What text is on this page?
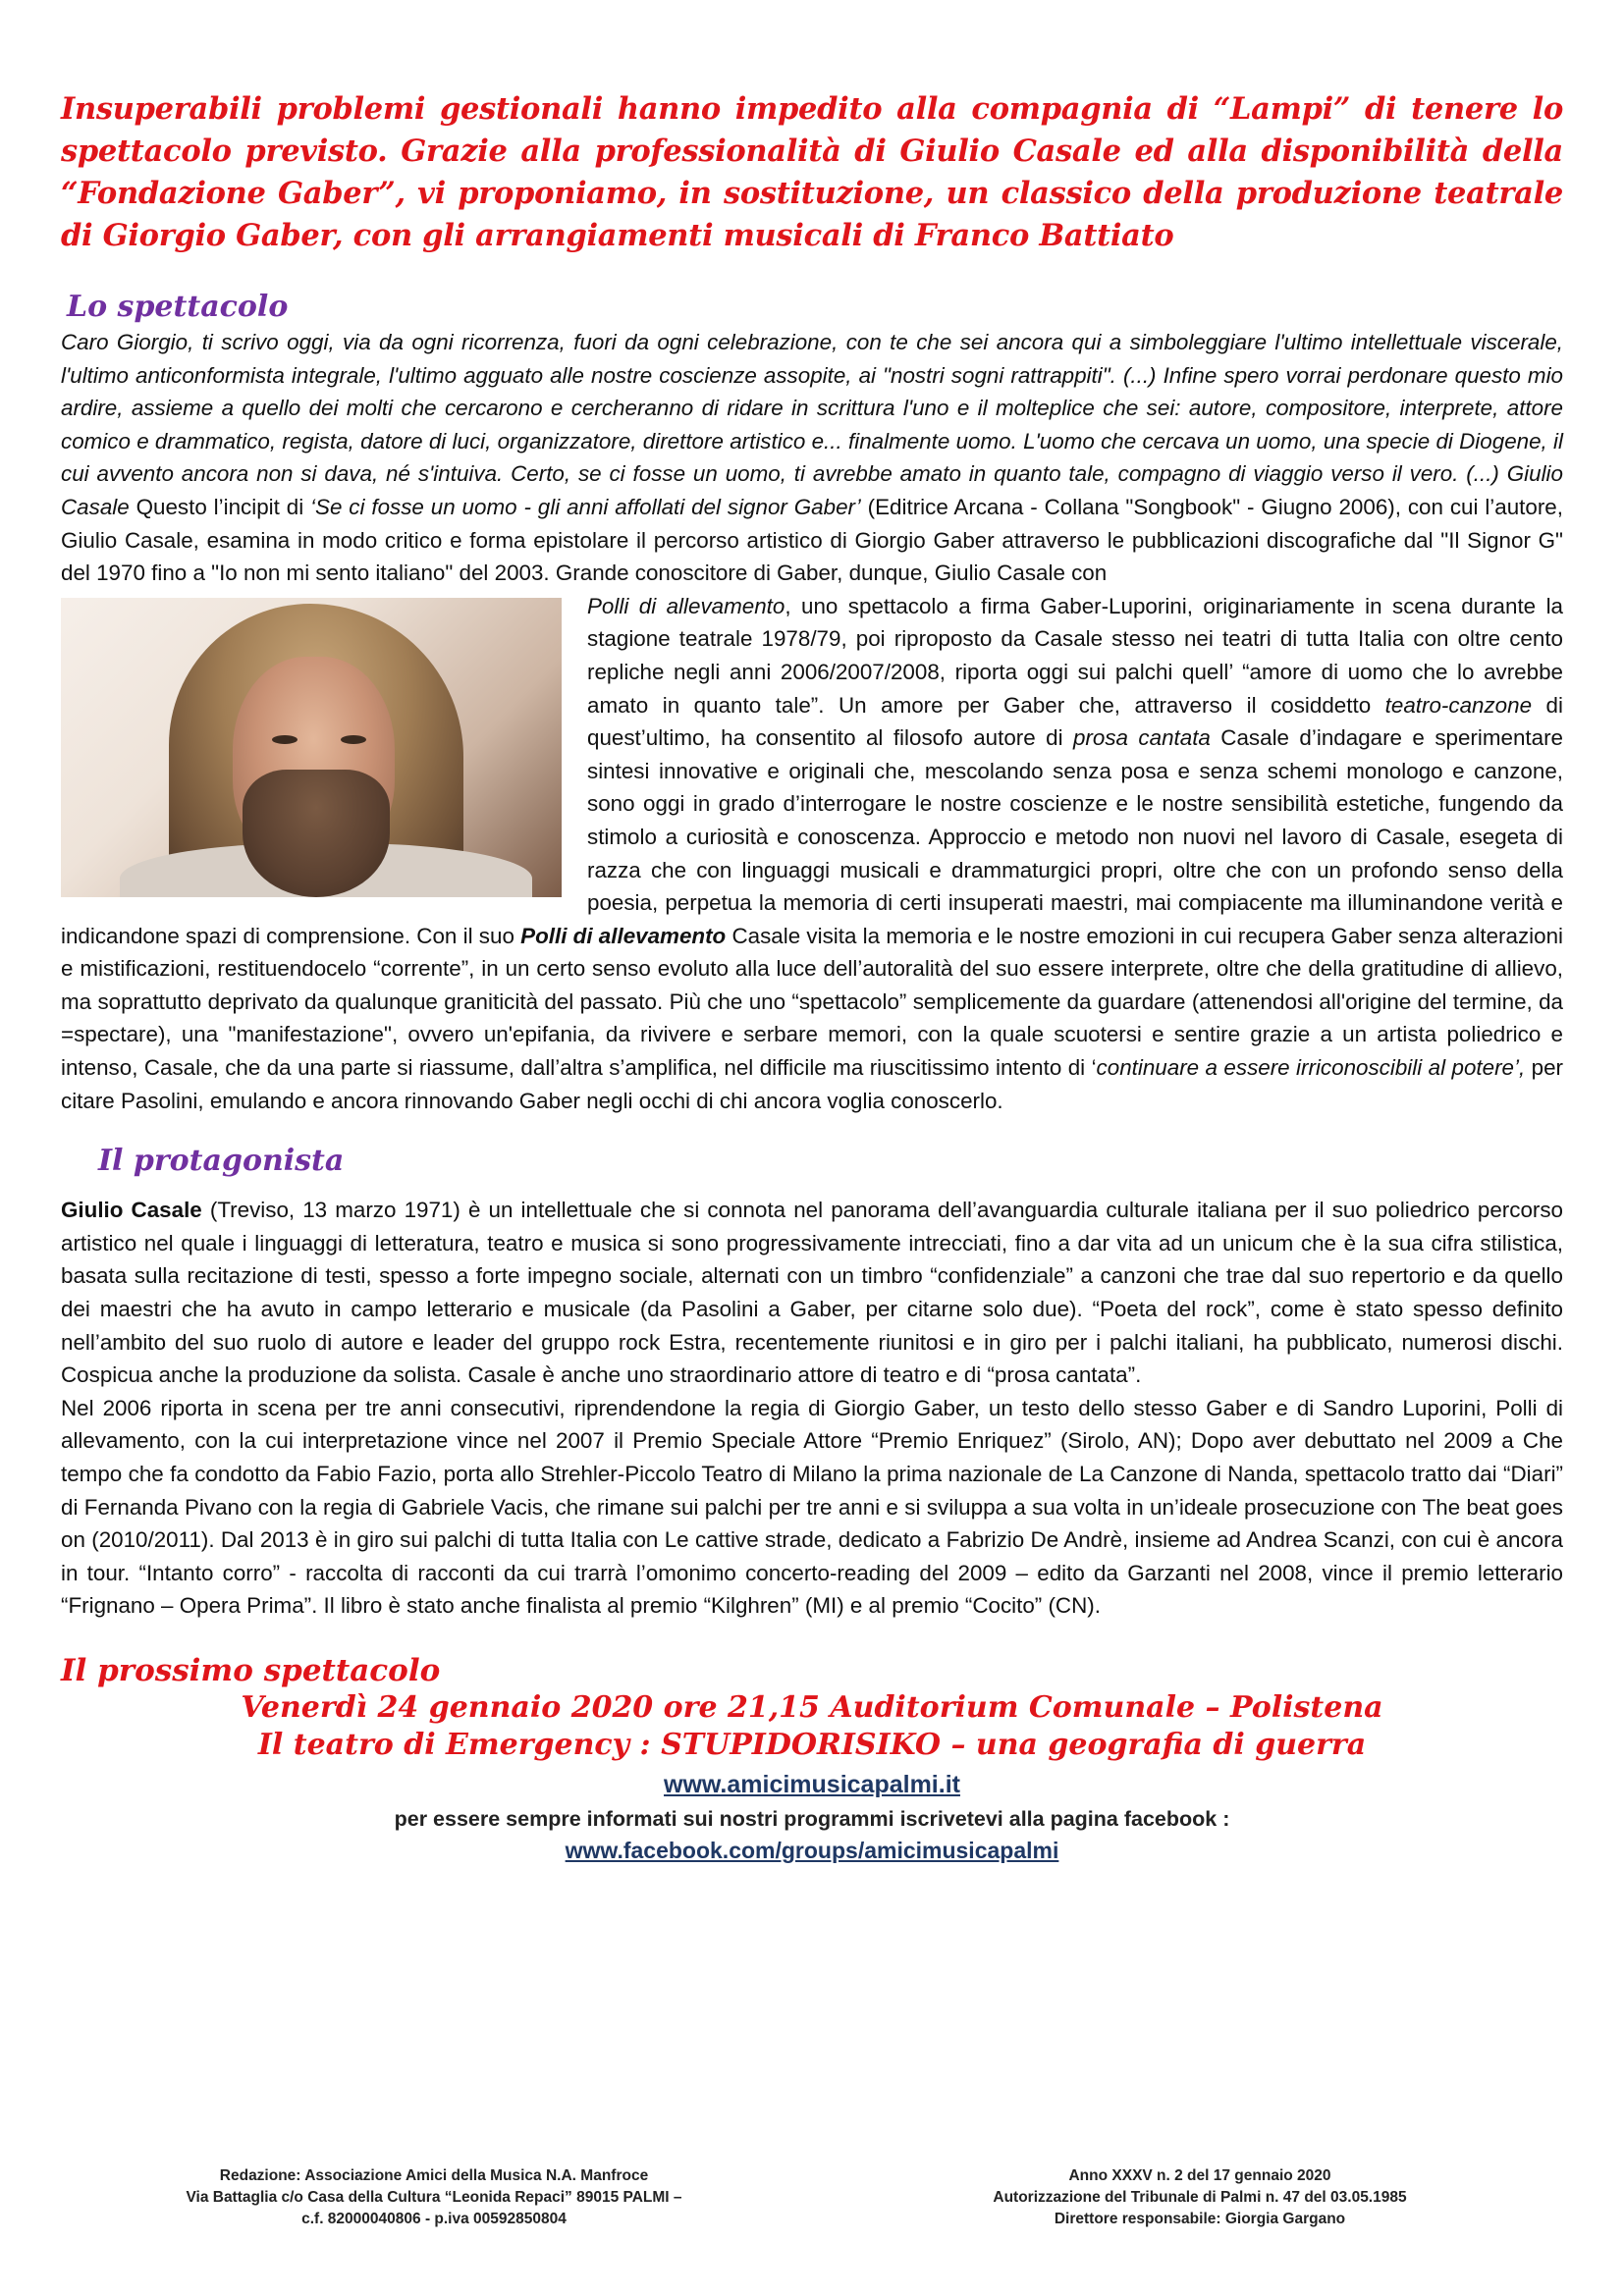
Insuperabili problemi gestionali hanno impedito alla compagnia di “Lampi” di tenere lo spettacolo previsto. Grazie alla professionalità di Giulio Casale ed alla disponibilità della “Fondazione Gaber”, vi proponiamo, in sostituzione, un classico della produzione teatrale di Giorgio Gaber, con gli arrangiamenti musicali di Franco Battiato

Lo spettacolo

Caro Giorgio, ti scrivo oggi, via da ogni ricorrenza, fuori da ogni celebrazione, con te che sei ancora qui a simboleggiare l'ultimo intellettuale viscerale, l'ultimo anticonformista integrale, l'ultimo agguato alle nostre coscienze assopite, ai "nostri sogni rattrappiti". (...) Infine spero vorrai perdonare questo mio ardire, assieme a quello dei molti che cercarono e cercheranno di ridare in scrittura l'uno e il molteplice che sei: autore, compositore, interprete, attore comico e drammatico, regista, datore di luci, organizzatore, direttore artistico e... finalmente uomo. L'uomo che cercava un uomo, una specie di Diogene, il cui avvento ancora non si dava, né s'intuiva. Certo, se ci fosse un uomo, ti avrebbe amato in quanto tale, compagno di viaggio verso il vero. (...) Giulio Casale Questo l’incipit di ‘Se ci fosse un uomo - gli anni affollati del signor Gaber’ (Editrice Arcana - Collana "Songbook" - Giugno 2006), con cui l’autore, Giulio Casale, esamina in modo critico e forma epistolare il percorso artistico di Giorgio Gaber attraverso le pubblicazioni discografiche dal "Il Signor G" del 1970 fino a "Io non mi sento italiano" del 2003. Grande conoscitore di Gaber, dunque, Giulio Casale con

Polli di allevamento, uno spettacolo a firma Gaber-Luporini, originariamente in scena durante la stagione teatrale 1978/79, poi riproposto da Casale stesso nei teatri di tutta Italia con oltre cento repliche negli anni 2006/2007/2008, riporta oggi sui palchi quell’ “amore di uomo che lo avrebbe amato in quanto tale”. Un amore per Gaber che, attraverso il cosiddetto teatro-canzone di quest’ultimo, ha consentito al filosofo autore di prosa cantata Casale d’indagare e sperimentare sintesi innovative e originali che, mescolando senza posa e senza schemi monologo e canzone, sono oggi in grado d’interrogare le nostre coscienze e le nostre sensibilità estetiche, fungendo da stimolo a curiosità e conoscenza. Approccio e metodo non nuovi nel lavoro di Casale, esegeta di razza che con linguaggi musicali e drammaturgici propri, oltre che con un profondo senso della poesia, perpetua la memoria di certi insuperati maestri, mai compiacente ma illuminandone verità e indicandone spazi di comprensione. Con il suo Polli di allevamento Casale visita la memoria e le nostre emozioni in cui recupera Gaber senza alterazioni e mistificazioni, restituendocelo “corrente”, in un certo senso evoluto alla luce dell’autoralità del suo essere interprete, oltre che della gratitudine di allievo, ma soprattutto deprivato da qualunque graniticità del passato. Più che uno “spettacolo” semplicemente da guardare (attenendosi all'origine del termine, da =spectare), una "manifestazione", ovvero un'epifania, da rivivere e serbare memori, con la quale scuotersi e sentire grazie a un artista poliedrico e intenso, Casale, che da una parte si riassume, dall’altra s’amplifica, nel difficile ma riuscitissimo intento di ‘continuare a essere irriconoscibili al potere’, per citare Pasolini, emulando e ancora rinnovando Gaber negli occhi di chi ancora voglia conoscerlo.

Il protagonista

Giulio Casale (Treviso, 13 marzo 1971) è un intellettuale che si connota nel panorama dell’avanguardia culturale italiana per il suo poliedrico percorso artistico nel quale i linguaggi di letteratura, teatro e musica si sono progressivamente intrecciati, fino a dar vita ad un unicum che è la sua cifra stilistica, basata sulla recitazione di testi, spesso a forte impegno sociale, alternati con un timbro “confidenziale” a canzoni che trae dal suo repertorio e da quello dei maestri che ha avuto in campo letterario e musicale (da Pasolini a Gaber, per citarne solo due). “Poeta del rock”, come è stato spesso definito nell’ambito del suo ruolo di autore e leader del gruppo rock Estra, recentemente riunitosi e in giro per i palchi italiani, ha pubblicato, numerosi dischi. Cospicua anche la produzione da solista. Casale è anche uno straordinario attore di teatro e di “prosa cantata”.

Nel 2006 riporta in scena per tre anni consecutivi, riprendendone la regia di Giorgio Gaber, un testo dello stesso Gaber e di Sandro Luporini, Polli di allevamento, con la cui interpretazione vince nel 2007 il Premio Speciale Attore “Premio Enriquez” (Sirolo, AN); Dopo aver debuttato nel 2009 a Che tempo che fa condotto da Fabio Fazio, porta allo Strehler-Piccolo Teatro di Milano la prima nazionale de La Canzone di Nanda, spettacolo tratto dai “Diari” di Fernanda Pivano con la regia di Gabriele Vacis, che rimane sui palchi per tre anni e si sviluppa a sua volta in un’ideale prosecuzione con The beat goes on (2010/2011). Dal 2013 è in giro sui palchi di tutta Italia con Le cattive strade, dedicato a Fabrizio De Andrè, insieme ad Andrea Scanzi, con cui è ancora in tour. “Intanto corro” - raccolta di racconti da cui trarrà l’omonimo concerto-reading del 2009 – edito da Garzanti nel 2008, vince il premio letterario “Frignano – Opera Prima”. Il libro è stato anche finalista al premio “Kilghren” (MI) e al premio “Cocito” (CN).

Il prossimo spettacolo

Venerdì 24 gennaio 2020 ore 21,15 Auditorium Comunale – Polistena

Il teatro di Emergency : STUPIDORISIKO – una geografia di guerra

www.amicimusicapalmi.it

per essere sempre informati sui nostri programmi iscrivetevi alla pagina facebook :

www.facebook.com/groups/amicimusicapalmi
Redazione: Associazione Amici della Musica N.A. Manfroce
Via Battaglia c/o Casa della Cultura “Leonida Repaci” 89015 PALMI –
c.f. 82000040806 - p.iva 00592850804
Anno XXXV n. 2 del 17 gennaio 2020
Autorizzazione del Tribunale di Palmi n. 47 del 03.05.1985
Direttore responsabile: Giorgia Gargano
